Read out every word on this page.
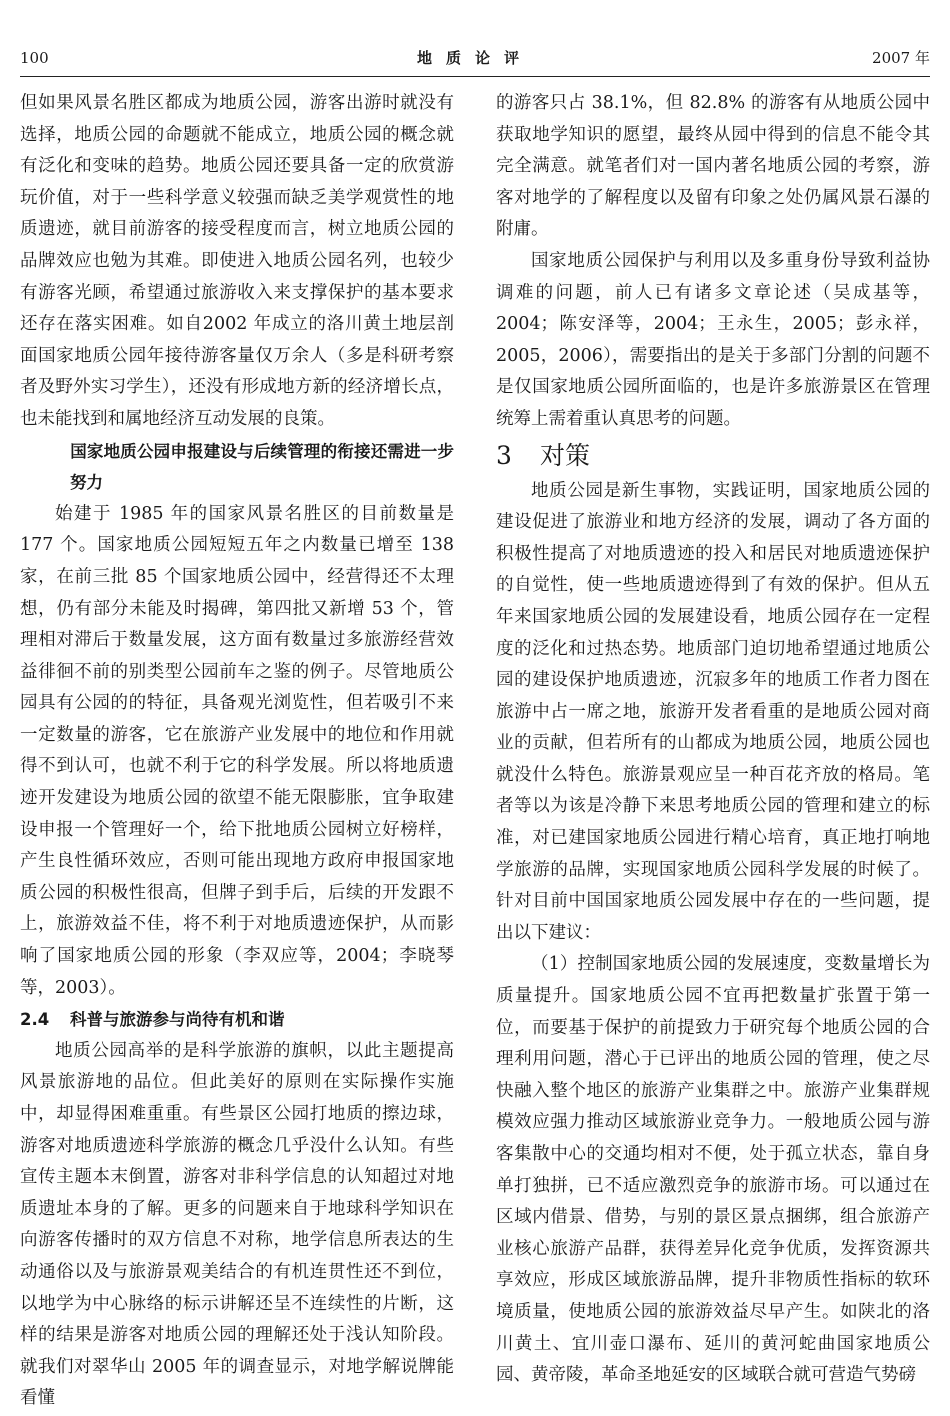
100	地质论评	2007 年

但如果风景名胜区都成为地质公园，游客出游时就没有选择，地质公园的命题就不能成立，地质公园的概念就有泛化和变味的趋势。地质公园还要具备一定的欣赏游玩价值，对于一些科学意义较强而缺乏美学观赏性的地质遗迹，就目前游客的接受程度而言，树立地质公园的品牌效应也勉为其难。即使进入地质公园名列，也较少有游客光顾，希望通过旅游收入来支撑保护的基本要求还存在落实困难。如自2002 年成立的洛川黄土地层剖面国家地质公园年接待游客量仅万余人（多是科研考察者及野外实习学生），还没有形成地方新的经济增长点，也未能找到和属地经济互动发展的良策。

国家地质公园申报建设与后续管理的衔接还需进一步努力

始建于 1985 年的国家风景名胜区的目前数量是 177 个。国家地质公园短短五年之内数量已增至 138 家，在前三批 85 个国家地质公园中，经营得还不太理想，仍有部分未能及时揭碑，第四批又新增 53 个，管理相对滞后于数量发展，这方面有数量过多旅游经营效益徘徊不前的别类型公园前车之鉴的例子。尽管地质公园具有公园的的特征，具备观光浏览性，但若吸引不来一定数量的游客，它在旅游产业发展中的地位和作用就得不到认可，也就不利于它的科学发展。所以将地质遗迹开发建设为地质公园的欲望不能无限膨胀，宜争取建设申报一个管理好一个，给下批地质公园树立好榜样，产生良性循环效应，否则可能出现地方政府申报国家地质公园的积极性很高，但牌子到手后，后续的开发跟不上，旅游效益不佳，将不利于对地质遗迹保护，从而影响了国家地质公园的形象（李双应等，2004；李晓琴等，2003）。

2.4 科普与旅游参与尚待有机和谐

地质公园高举的是科学旅游的旗帜，以此主题提高风景旅游地的品位。但此美好的原则在实际操作实施中，却显得困难重重。有些景区公园打地质的擦边球，游客对地质遗迹科学旅游的概念几乎没什么认知。有些宣传主题本末倒置，游客对非科学信息的认知超过对地质遗址本身的了解。更多的问题来自于地球科学知识在向游客传播时的双方信息不对称，地学信息所表达的生动通俗以及与旅游景观美结合的有机连贯性还不到位，以地学为中心脉络的标示讲解还呈不连续性的片断，这样的结果是游客对地质公园的理解还处于浅认知阶段。就我们对翠华山 2005 年的调查显示，对地学解说牌能看懂

的游客只占 38.1%，但 82.8% 的游客有从地质公园中获取地学知识的愿望，最终从园中得到的信息不能令其完全满意。就笔者们对一国内著名地质公园的考察，游客对地学的了解程度以及留有印象之处仍属风景石瀑的附庸。

国家地质公园保护与利用以及多重身份导致利益协调难的问题，前人已有诸多文章论述（吴成基等，2004；陈安泽等，2004；王永生，2005；彭永祥，2005，2006），需要指出的是关于多部门分割的问题不是仅国家地质公园所面临的，也是许多旅游景区在管理统筹上需着重认真思考的问题。

3 对策

地质公园是新生事物，实践证明，国家地质公园的建设促进了旅游业和地方经济的发展，调动了各方面的积极性提高了对地质遗迹的投入和居民对地质遗迹保护的自觉性，使一些地质遗迹得到了有效的保护。但从五年来国家地质公园的发展建设看，地质公园存在一定程度的泛化和过热态势。地质部门迫切地希望通过地质公园的建设保护地质遗迹，沉寂多年的地质工作者力图在旅游中占一席之地，旅游开发者看重的是地质公园对商业的贡献，但若所有的山都成为地质公园，地质公园也就没什么特色。旅游景观应呈一种百花齐放的格局。笔者等以为该是冷静下来思考地质公园的管理和建立的标准，对已建国家地质公园进行精心培育，真正地打响地学旅游的品牌，实现国家地质公园科学发展的时候了。针对目前中国国家地质公园发展中存在的一些问题，提出以下建议：

（1）控制国家地质公园的发展速度，变数量增长为质量提升。国家地质公园不宜再把数量扩张置于第一位，而要基于保护的前提致力于研究每个地质公园的合理利用问题，潜心于已评出的地质公园的管理，使之尽快融入整个地区的旅游产业集群之中。旅游产业集群规模效应强力推动区域旅游业竞争力。一般地质公园与游客集散中心的交通均相对不便，处于孤立状态，靠自身单打独拼，已不适应激烈竞争的旅游市场。可以通过在区域内借景、借势，与别的景区景点捆绑，组合旅游产业核心旅游产品群，获得差异化竞争优质，发挥资源共享效应，形成区域旅游品牌，提升非物质性指标的软环境质量，使地质公园的旅游效益尽早产生。如陕北的洛川黄土、宜川壶口瀑布、延川的黄河蛇曲国家地质公园、黄帝陵，革命圣地延安的区域联合就可营造气势磅
